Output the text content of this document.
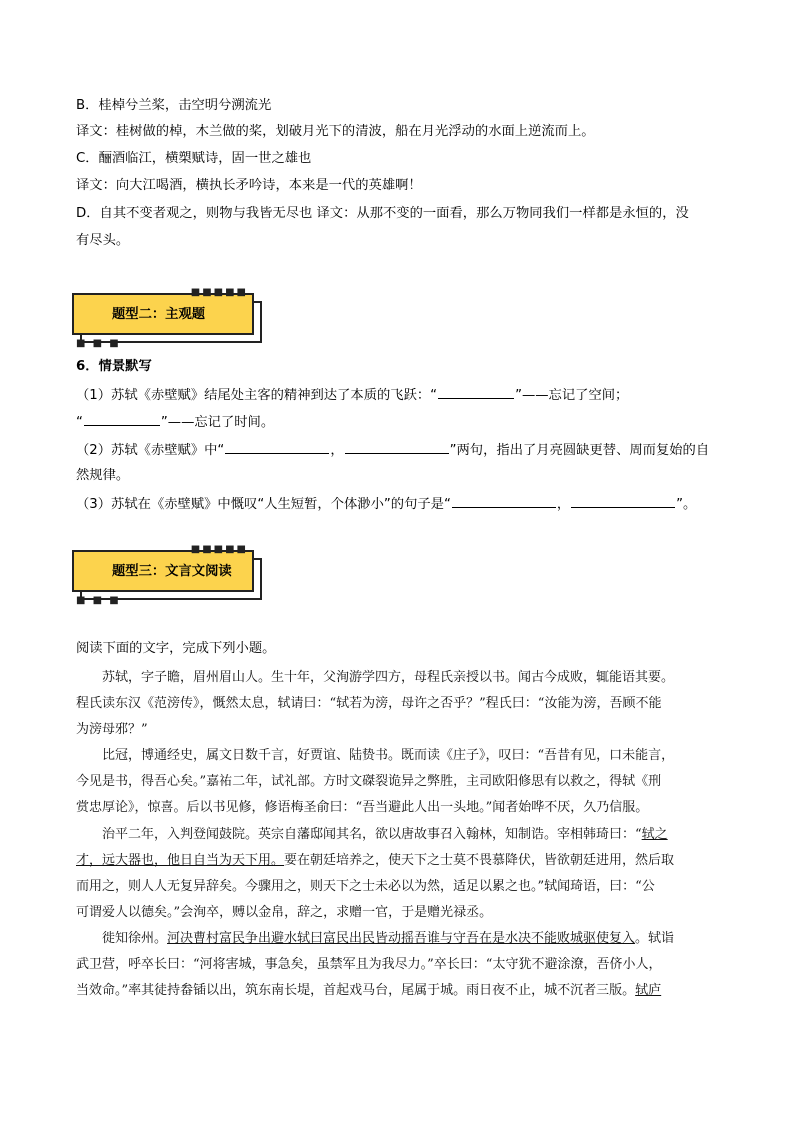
B．桂棹兮兰桨，击空明兮溯流光
译文：桂树做的棹，木兰做的桨，划破月光下的清波，船在月光浮动的水面上逆流而上。
C．酾酒临江，横槊赋诗，固一世之雄也
译文：向大江喝酒，横执长矛吟诗，本来是一代的英雄啊！
D．自其不变者观之，则物与我皆无尽也 译文：从那不变的一面看，那么万物同我们一样都是永恒的，没
有尽头。
■■■■■
■ ■ ■
题型二：主观题
6．情景默写
（1）苏轼《赤壁赋》结尾处主客的精神到达了本质的飞跃：“	”——忘记了空间；
“	”——忘记了时间。
（2）苏轼《赤壁赋》中“	，	”两句，指出了月亮圆缺更替、周而复始的自
然规律。
（3）苏轼在《赤壁赋》中慨叹“人生短暂，个体渺小”的句子是“	，	”。
■■■■■
■ ■ ■
题型三：文言文阅读
阅读下面的文字，完成下列小题。
苏轼，字子瞻，眉州眉山人。生十年，父洵游学四方，母程氏亲授以书。闻古今成败，辄能语其要。
程氏读东汉《范滂传》，慨然太息，轼请曰：“轼若为滂，母许之否乎？”程氏曰：“汝能为滂，吾顾不能
为滂母邪？”
比冠，博通经史，属文日数千言，好贾谊、陆贽书。既而读《庄子》，叹曰：“吾昔有见，口未能言，
今见是书，得吾心矣。”嘉祐二年，试礼部。方时文磔裂诡异之弊胜，主司欧阳修思有以救之，得轼《刑
赏忠厚论》，惊喜。后以书见修，修语梅圣俞曰：“吾当避此人出一头地。”闻者始哗不厌，久乃信服。
治平二年，入判登闻鼓院。英宗自藩邸闻其名，欲以唐故事召入翰林，知制诰。宰相韩琦曰：“轼之
才，远大器也，他日自当为天下用。要在朝廷培养之，使天下之士莫不畏慕降伏，皆欲朝廷进用，然后取
而用之，则人人无复异辞矣。今骤用之，则天下之士未必以为然，适足以累之也。”轼闻琦语，曰：“公
可谓爱人以德矣。”会洵卒，赙以金帛，辞之，求赠一官，于是赠光禄丞。
徙知徐州。河决曹村富民争出避水轼曰富民出民皆动摇吾谁与守吾在是水决不能败城驱使复入。轼诣
武卫营，呼卒长曰：“河将害城，事急矣，虽禁军且为我尽力。”卒长曰：“太守犹不避涂潦，吾侪小人，
当效命。”率其徒持畚锸以出，筑东南长堤，首起戏马台，尾属于城。雨日夜不止，城不沉者三版。轼庐
